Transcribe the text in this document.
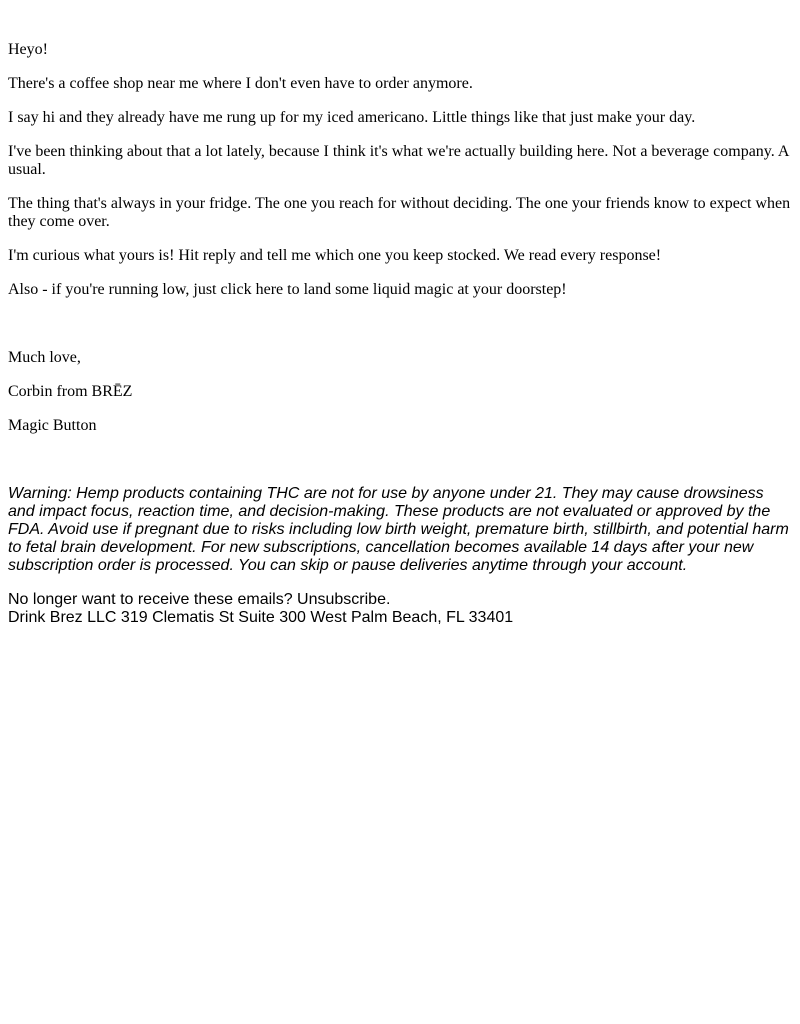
Heyo!

There's a coffee shop near me where I don't even have to order anymore.

I say hi and they already have me rung up for my iced americano. Little things like that just make your day.

I've been thinking about that a lot lately, because I think it's what we're actually building here. Not a beverage company. A usual.

The thing that's always in your fridge. The one you reach for without deciding. The one your friends know to expect when they come over.

I'm curious what yours is! Hit reply and tell me which one you keep stocked. We read every response!

Also - if you're running low, just click here to land some liquid magic at your doorstep!

Much love,

Corbin from BRĒZ

Magic Button

Warning: Hemp products containing THC are not for use by anyone under 21. They may cause drowsiness and impact focus, reaction time, and decision-making. These products are not evaluated or approved by the FDA. Avoid use if pregnant due to risks including low birth weight, premature birth, stillbirth, and potential harm to fetal brain development. For new subscriptions, cancellation becomes available 14 days after your new subscription order is processed. You can skip or pause deliveries anytime through your account.

No longer want to receive these emails? Unsubscribe.

Drink Brez LLC 319 Clematis St Suite 300 West Palm Beach, FL 33401
